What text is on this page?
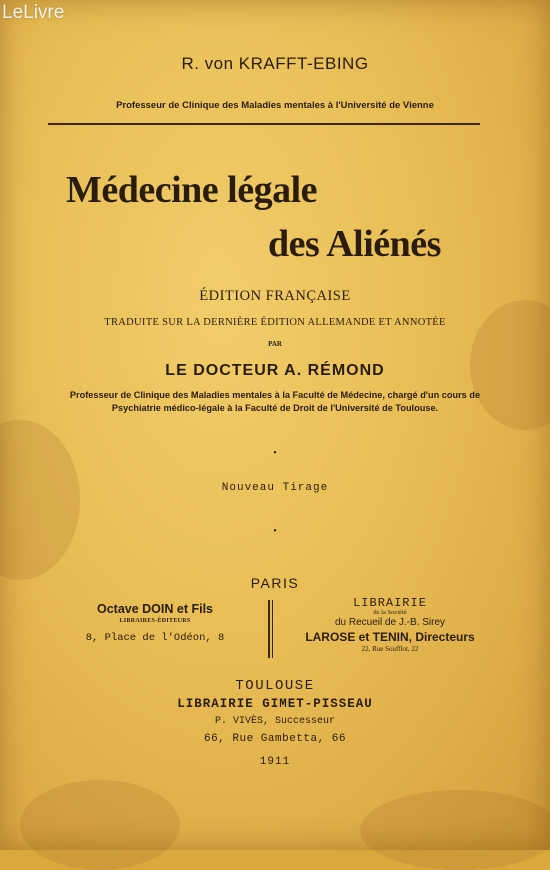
LeLivre
R. von KRAFFT-EBING
Professeur de Clinique des Maladies mentales à l'Université de Vienne
Médecine légale
des Aliénés
ÉDITION FRANÇAISE
TRADUITE SUR LA DERNIÈRE ÉDITION ALLEMANDE ET ANNOTÉE
PAR
LE DOCTEUR A. RÉMOND
Professeur de Clinique des Maladies mentales à la Faculté de Médecine, chargé d'un cours de Psychiatrie médico-légale à la Faculté de Droit de l'Université de Toulouse.
•
Nouveau Tirage
•
PARIS
Octave DOIN et Fils
LIBRAIRES-ÉDITEURS
8, Place de l'Odéon, 8
LIBRAIRIE
de la Société
du Recueil de J.-B. Sirey
LAROSE et TENIN, Directeurs
22, Rue Soufflot, 22
TOULOUSE
LIBRAIRIE GIMET-PISSEAU
P. VIVÈS, Successeur
66, Rue Gambetta, 66
1911
